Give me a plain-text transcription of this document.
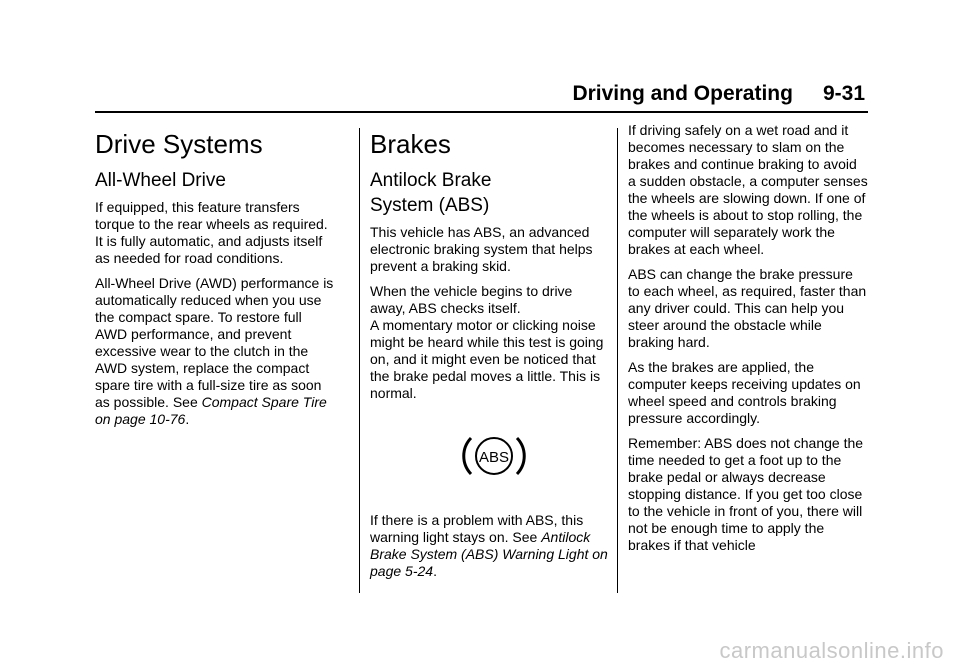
Driving and Operating 9-31
Drive Systems
All-Wheel Drive

If equipped, this feature transfers torque to the rear wheels as required. It is fully automatic, and adjusts itself as needed for road conditions.

All-Wheel Drive (AWD) performance is automatically reduced when you use the compact spare. To restore full AWD performance, and prevent excessive wear to the clutch in the AWD system, replace the compact spare tire with a full-size tire as soon as possible. See Compact Spare Tire on page 10-76.

Brakes
Antilock Brake
System (ABS)

This vehicle has ABS, an advanced electronic braking system that helps prevent a braking skid.

When the vehicle begins to drive away, ABS checks itself.

A momentary motor or clicking noise might be heard while this test is going on, and it might even be noticed that the brake pedal moves a little. This is normal.

ABS

If there is a problem with ABS, this warning light stays on. See Antilock Brake System (ABS) Warning Light on page 5-24.

If driving safely on a wet road and it becomes necessary to slam on the brakes and continue braking to avoid a sudden obstacle, a computer senses the wheels are slowing down. If one of the wheels is about to stop rolling, the computer will separately work the brakes at each wheel.

ABS can change the brake pressure to each wheel, as required, faster than any driver could. This can help you steer around the obstacle while braking hard.

As the brakes are applied, the computer keeps receiving updates on wheel speed and controls braking pressure accordingly.

Remember: ABS does not change the time needed to get a foot up to the brake pedal or always decrease stopping distance. If you get too close to the vehicle in front of you, there will not be enough time to apply the brakes if that vehicle

carmanualsonline.info
